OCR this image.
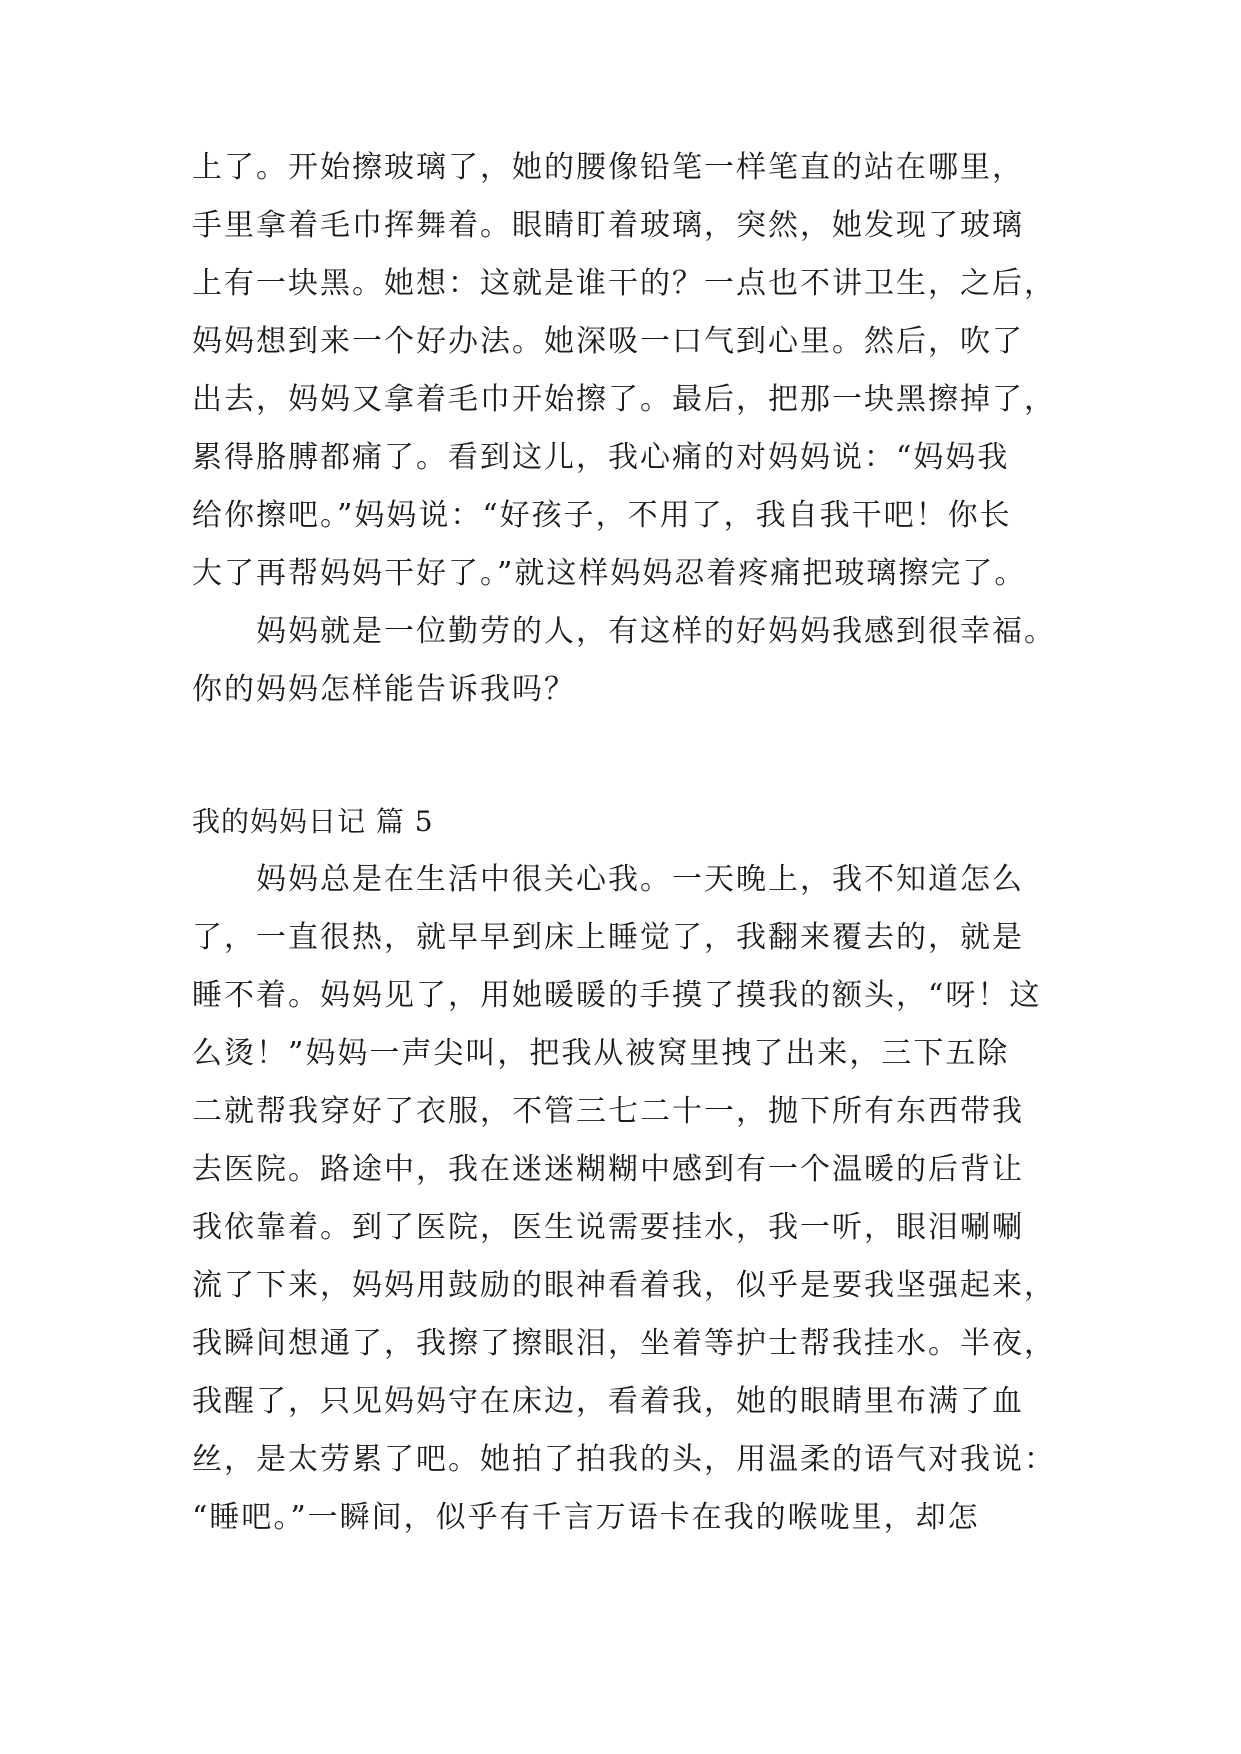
上了。开始擦玻璃了，她的腰像铅笔一样笔直的站在哪里，
手里拿着毛巾挥舞着。眼睛盯着玻璃，突然，她发现了玻璃
上有一块黑。她想：这就是谁干的？一点也不讲卫生，之后，
妈妈想到来一个好办法。她深吸一口气到心里。然后，吹了
出去，妈妈又拿着毛巾开始擦了。最后，把那一块黑擦掉了，
累得胳膊都痛了。看到这儿，我心痛的对妈妈说：“妈妈我
给你擦吧。”妈妈说：“好孩子，不用了，我自我干吧！你长
大了再帮妈妈干好了。”就这样妈妈忍着疼痛把玻璃擦完了。
　　妈妈就是一位勤劳的人，有这样的好妈妈我感到很幸福。
你的妈妈怎样能告诉我吗？
我的妈妈日记 篇 5
　　妈妈总是在生活中很关心我。一天晚上，我不知道怎么
了，一直很热，就早早到床上睡觉了，我翻来覆去的，就是
睡不着。妈妈见了，用她暖暖的手摸了摸我的额头，“呀！这
么烫！”妈妈一声尖叫，把我从被窝里拽了出来，三下五除
二就帮我穿好了衣服，不管三七二十一，抛下所有东西带我
去医院。路途中，我在迷迷糊糊中感到有一个温暖的后背让
我依靠着。到了医院，医生说需要挂水，我一听，眼泪唰唰
流了下来，妈妈用鼓励的眼神看着我，似乎是要我坚强起来，
我瞬间想通了，我擦了擦眼泪，坐着等护士帮我挂水。半夜，
我醒了，只见妈妈守在床边，看着我，她的眼睛里布满了血
丝，是太劳累了吧。她拍了拍我的头，用温柔的语气对我说：
“睡吧。”一瞬间，似乎有千言万语卡在我的喉咙里，却怎
